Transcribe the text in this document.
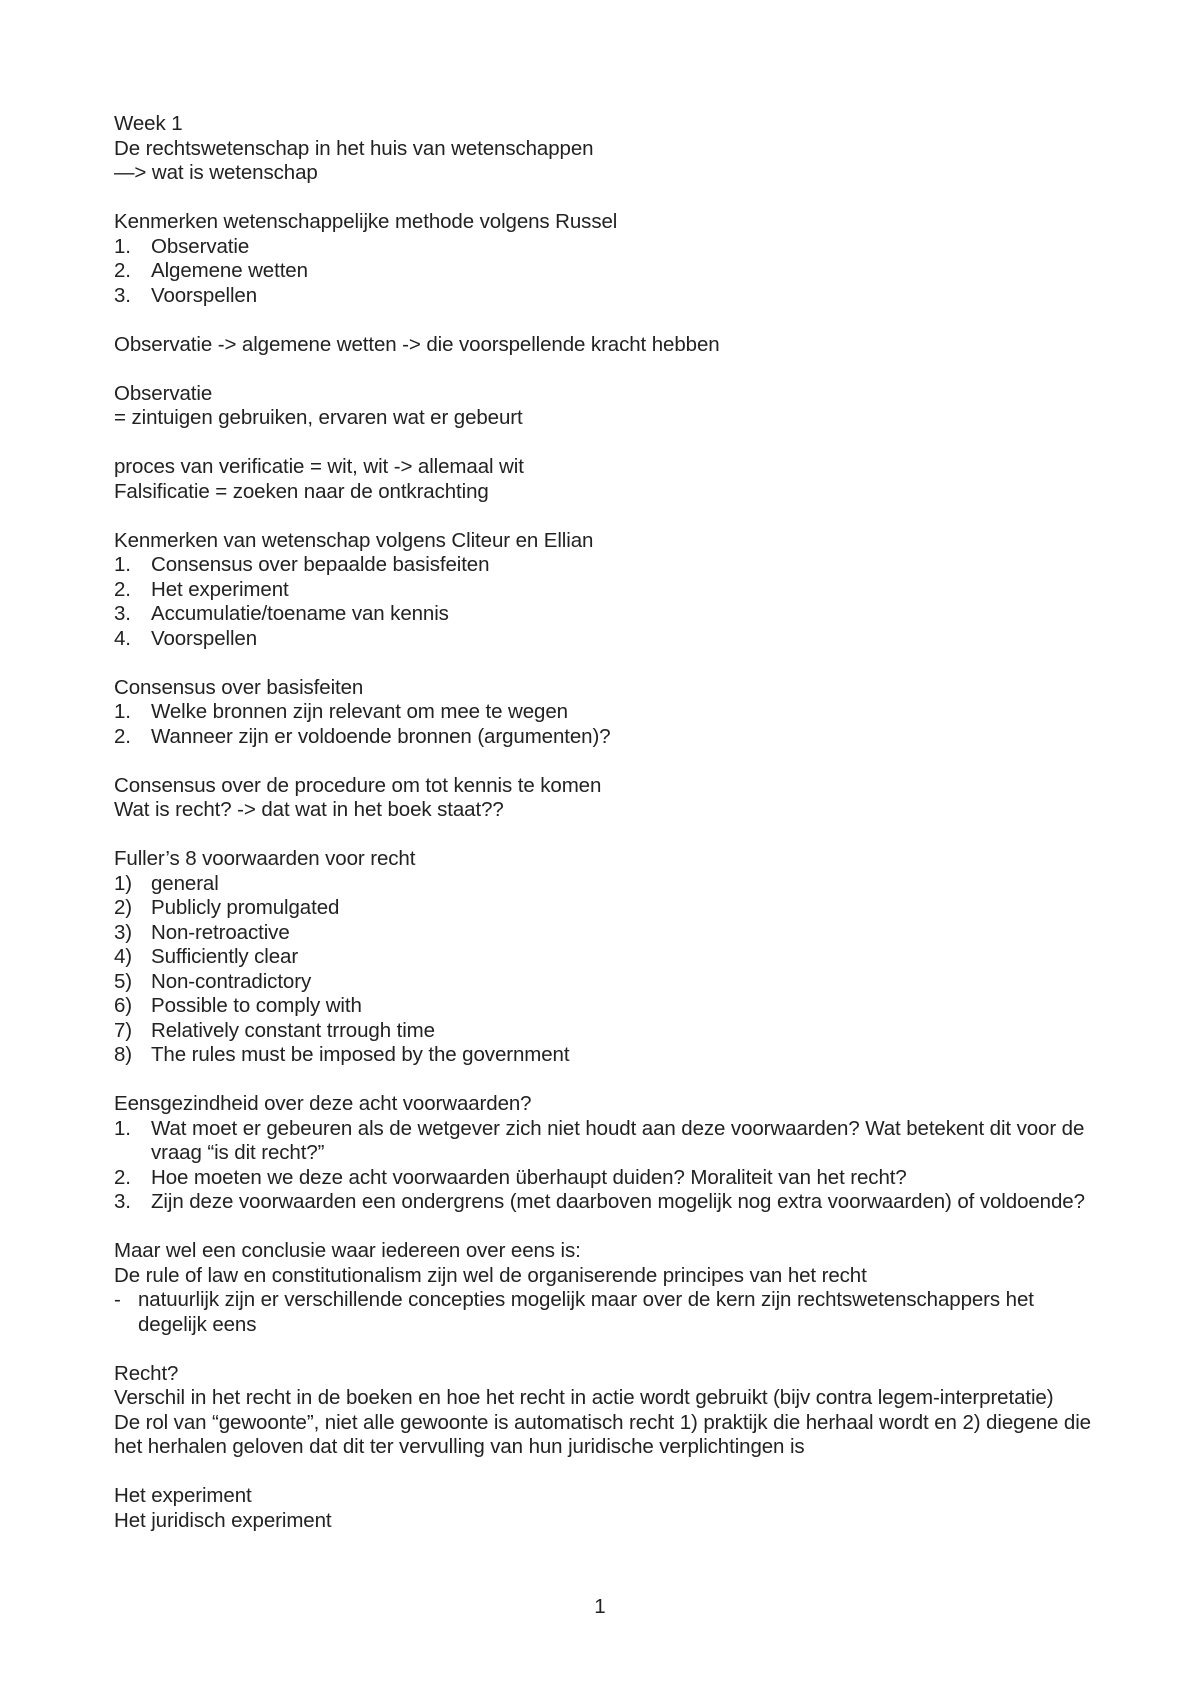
Week 1
De rechtswetenschap in het huis van wetenschappen
—> wat is wetenschap
Kenmerken wetenschappelijke methode volgens Russel
1. Observatie
2. Algemene wetten
3. Voorspellen
Observatie -> algemene wetten -> die voorspellende kracht hebben
Observatie
= zintuigen gebruiken, ervaren wat er gebeurt
proces van verificatie = wit, wit -> allemaal wit
Falsificatie = zoeken naar de ontkrachting
Kenmerken van wetenschap volgens Cliteur en Ellian
1. Consensus over bepaalde basisfeiten
2. Het experiment
3. Accumulatie/toename van kennis
4. Voorspellen
Consensus over basisfeiten
1. Welke bronnen zijn relevant om mee te wegen
2. Wanneer zijn er voldoende bronnen (argumenten)?
Consensus over de procedure om tot kennis te komen
Wat is recht? -> dat wat in het boek staat??
Fuller’s 8 voorwaarden voor recht
1) general
2) Publicly promulgated
3) Non-retroactive
4) Sufficiently clear
5) Non-contradictory
6) Possible to comply with
7) Relatively constant trrough time
8) The rules must be imposed by the government
Eensgezindheid over deze acht voorwaarden?
1. Wat moet er gebeuren als de wetgever zich niet houdt aan deze voorwaarden? Wat betekent dit voor de vraag “is dit recht?”
2. Hoe moeten we deze acht voorwaarden überhaupt duiden? Moraliteit van het recht?
3. Zijn deze voorwaarden een ondergrens (met daarboven mogelijk nog extra voorwaarden) of voldoende?
Maar wel een conclusie waar iedereen over eens is:
De rule of law en constitutionalism zijn wel de organiserende principes van het recht
- natuurlijk zijn er verschillende concepties mogelijk maar over de kern zijn rechtswetenschappers het degelijk eens
Recht?
Verschil in het recht in de boeken en hoe het recht in actie wordt gebruikt (bijv contra legem-interpretatie)
De rol van “gewoonte”, niet alle gewoonte is automatisch recht 1) praktijk die herhaal wordt en 2) diegene die het herhalen geloven dat dit ter vervulling van hun juridische verplichtingen is
Het experiment
Het juridisch experiment
1
